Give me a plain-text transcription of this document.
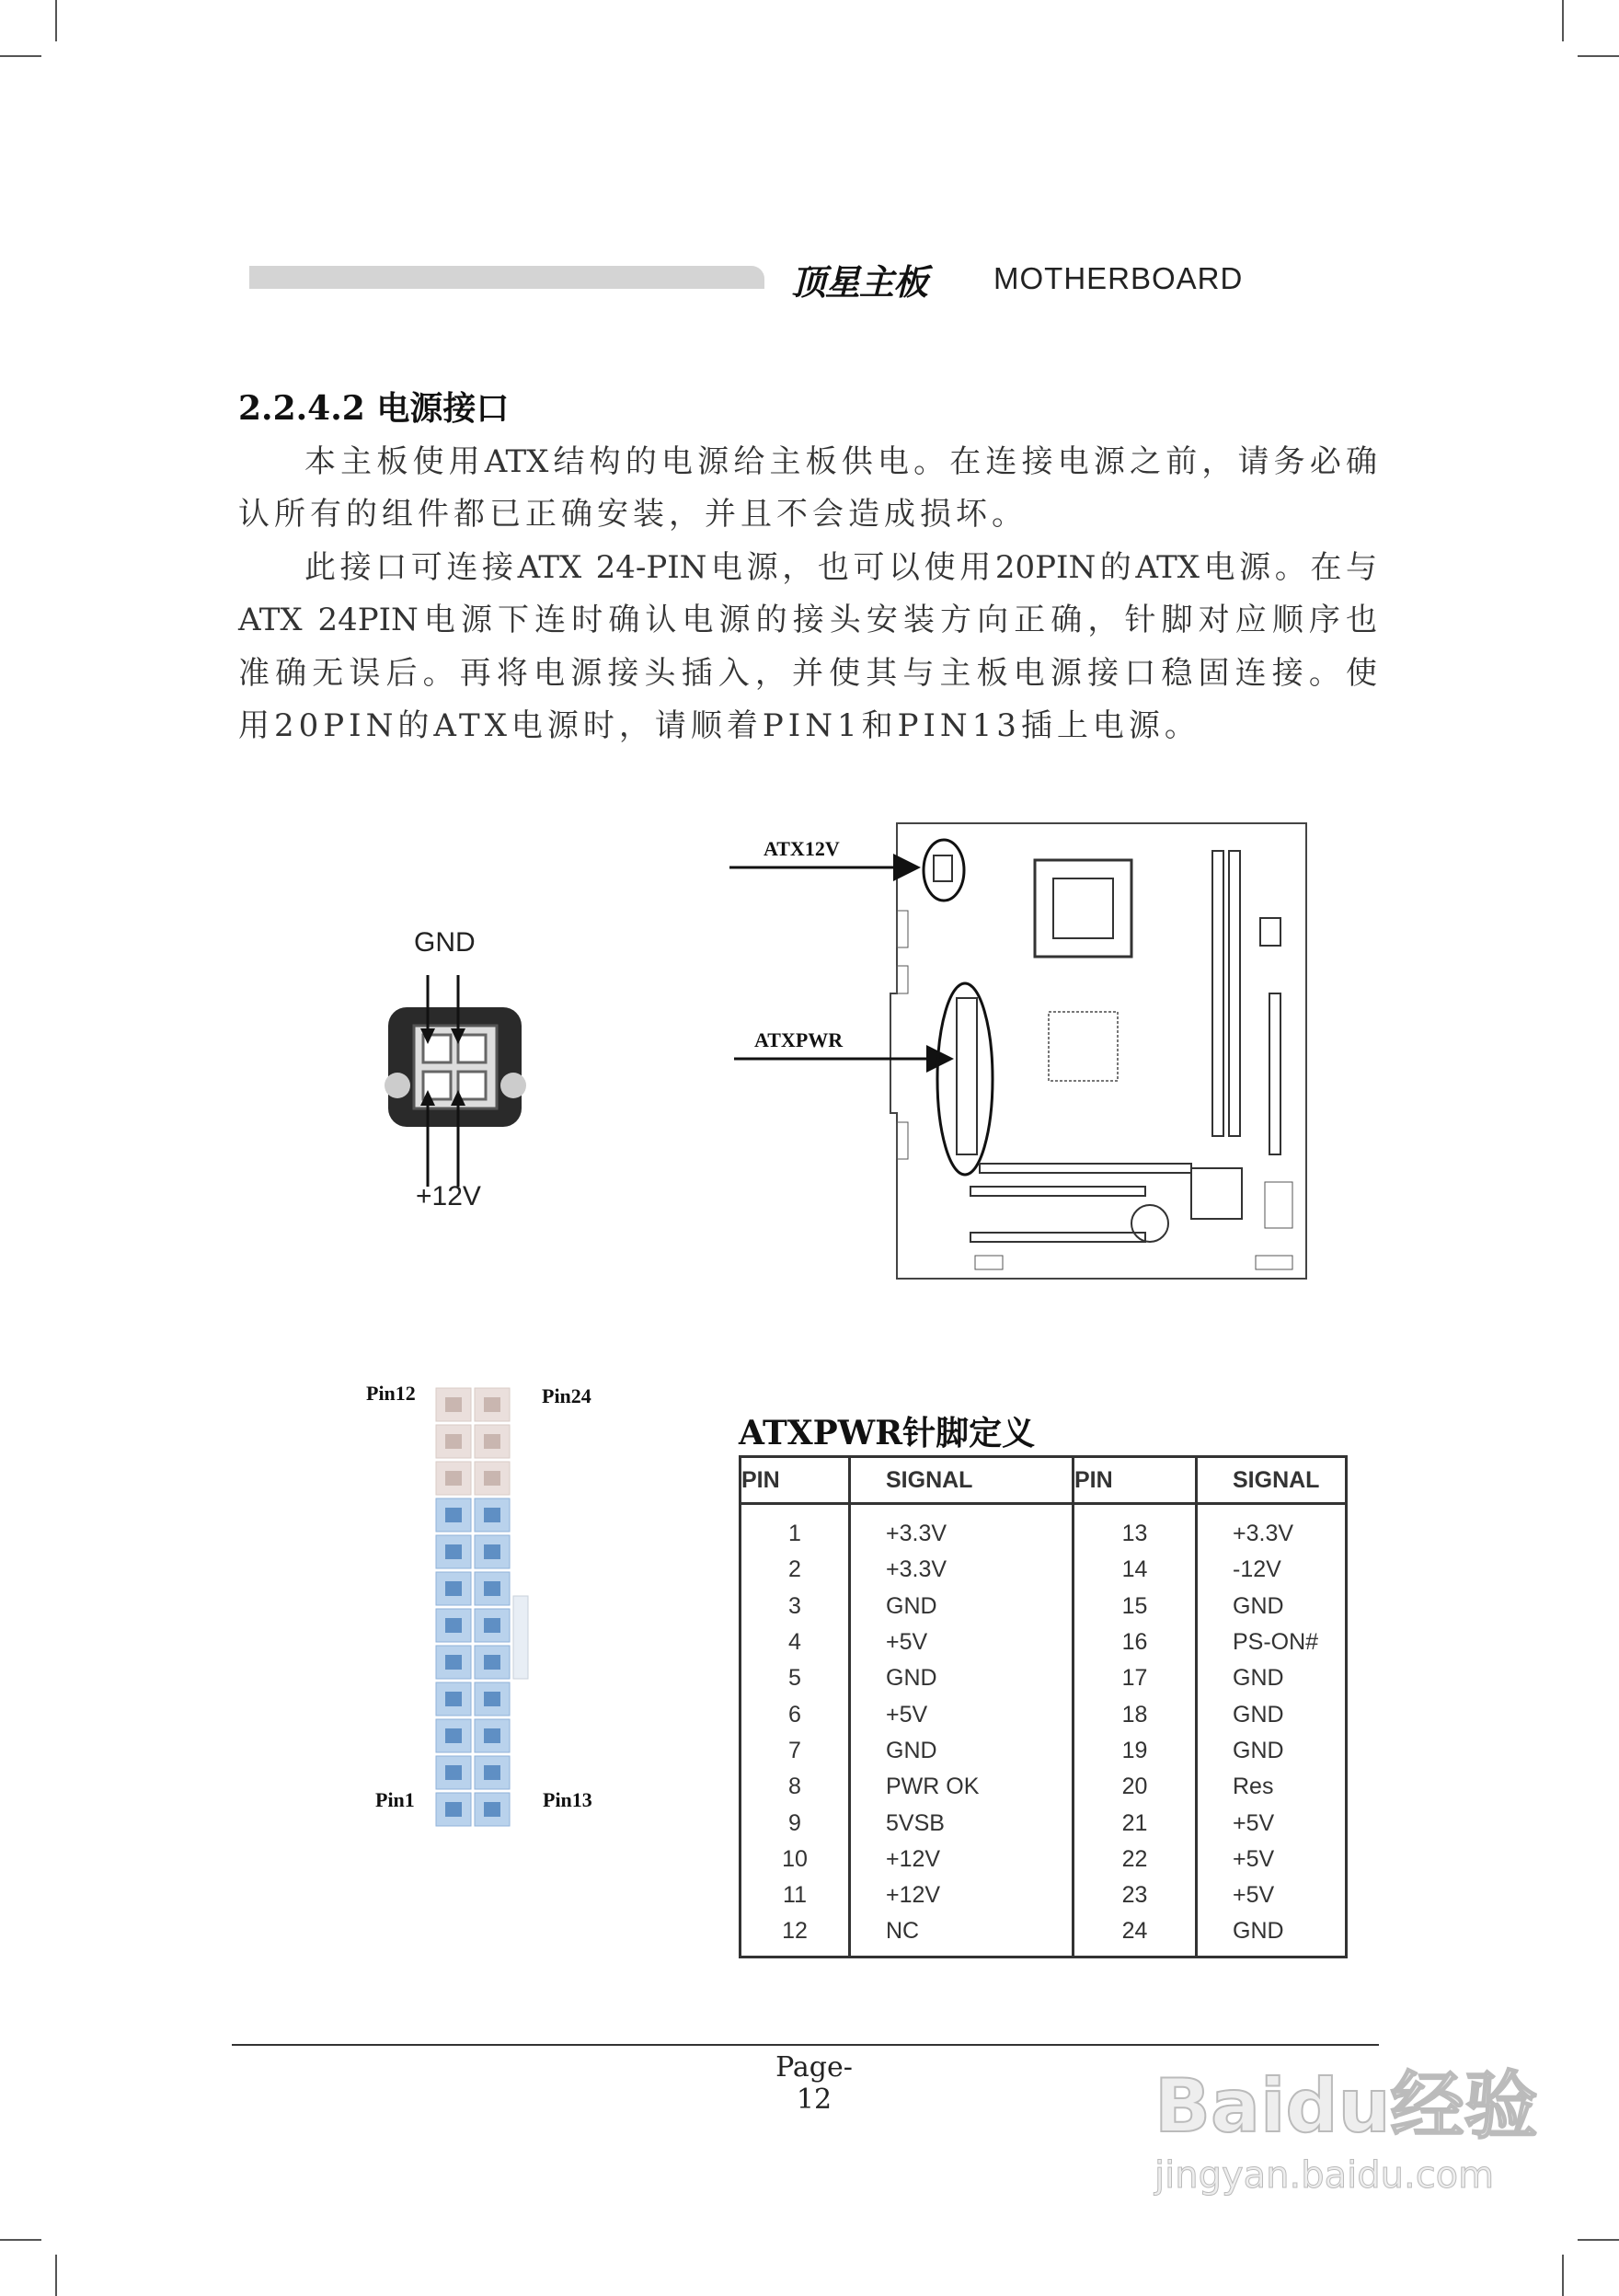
顶星主板 MOTHERBOARD
2.2.4.2 电源接口
本主板使用ATX结构的电源给主板供电。在连接电源之前，请务必确
认所有的组件都已正确安装，并且不会造成损坏。
此接口可连接ATX 24-PIN电源，也可以使用20PIN的ATX电源。在与
ATX 24PIN电源下连时确认电源的接头安装方向正确，针脚对应顺序也
准确无误后。再将电源接头插入，并使其与主板电源接口稳固连接。使
用20PIN的ATX电源时，请顺着PIN1和PIN13插上电源。
GND
+12V
ATX12V
ATXPWR
Pin12	Pin24
Pin1	Pin13
ATXPWR针脚定义
PIN	SIGNAL	PIN	SIGNAL
1	+3.3V	13	+3.3V
2	+3.3V	14	-12V
3	GND	15	GND
4	+5V	16	PS-ON#
5	GND	17	GND
6	+5V	18	GND
7	GND	19	GND
8	PWR OK	20	Res
9	5VSB	21	+5V
10	+12V	22	+5V
11	+12V	23	+5V
12	NC	24	GND
Page-12	Baidu经验
jingyan.baidu.com
